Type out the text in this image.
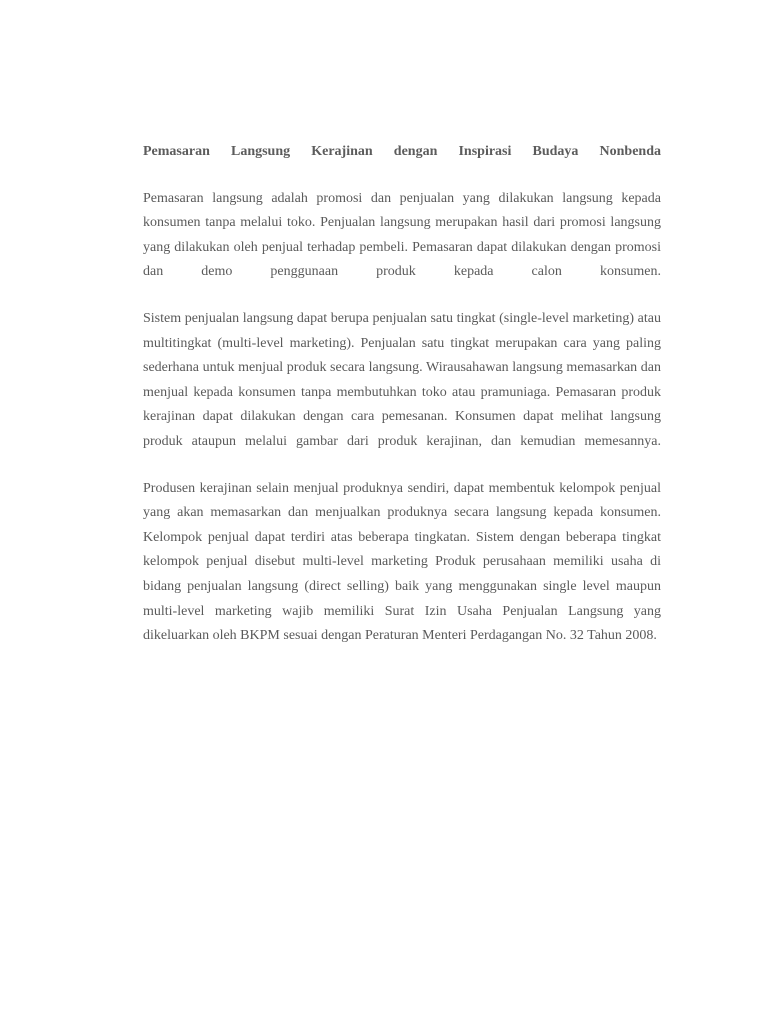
Pemasaran Langsung Kerajinan dengan Inspirasi Budaya Nonbenda

Pemasaran langsung adalah promosi dan penjualan yang dilakukan langsung kepada konsumen tanpa melalui toko. Penjualan langsung merupakan hasil dari promosi langsung yang dilakukan oleh penjual terhadap pembeli. Pemasaran dapat dilakukan dengan promosi dan demo penggunaan produk kepada calon konsumen.

Sistem penjualan langsung dapat berupa penjualan satu tingkat (single-level marketing) atau multitingkat (multi-level marketing). Penjualan satu tingkat merupakan cara yang paling sederhana untuk menjual produk secara langsung. Wirausahawan langsung memasarkan dan menjual kepada konsumen tanpa membutuhkan toko atau pramuniaga. Pemasaran produk kerajinan dapat dilakukan dengan cara pemesanan. Konsumen dapat melihat langsung produk ataupun melalui gambar dari produk kerajinan, dan kemudian memesannya.

Produsen kerajinan selain menjual produknya sendiri, dapat membentuk kelompok penjual yang akan memasarkan dan menjualkan produknya secara langsung kepada konsumen. Kelompok penjual dapat terdiri atas beberapa tingkatan. Sistem dengan beberapa tingkat kelompok penjual disebut multi-level marketing Produk perusahaan memiliki usaha di bidang penjualan langsung (direct selling) baik yang menggunakan single level maupun multi-level marketing wajib memiliki Surat Izin Usaha Penjualan Langsung yang dikeluarkan oleh BKPM sesuai dengan Peraturan Menteri Perdagangan No. 32 Tahun 2008.
